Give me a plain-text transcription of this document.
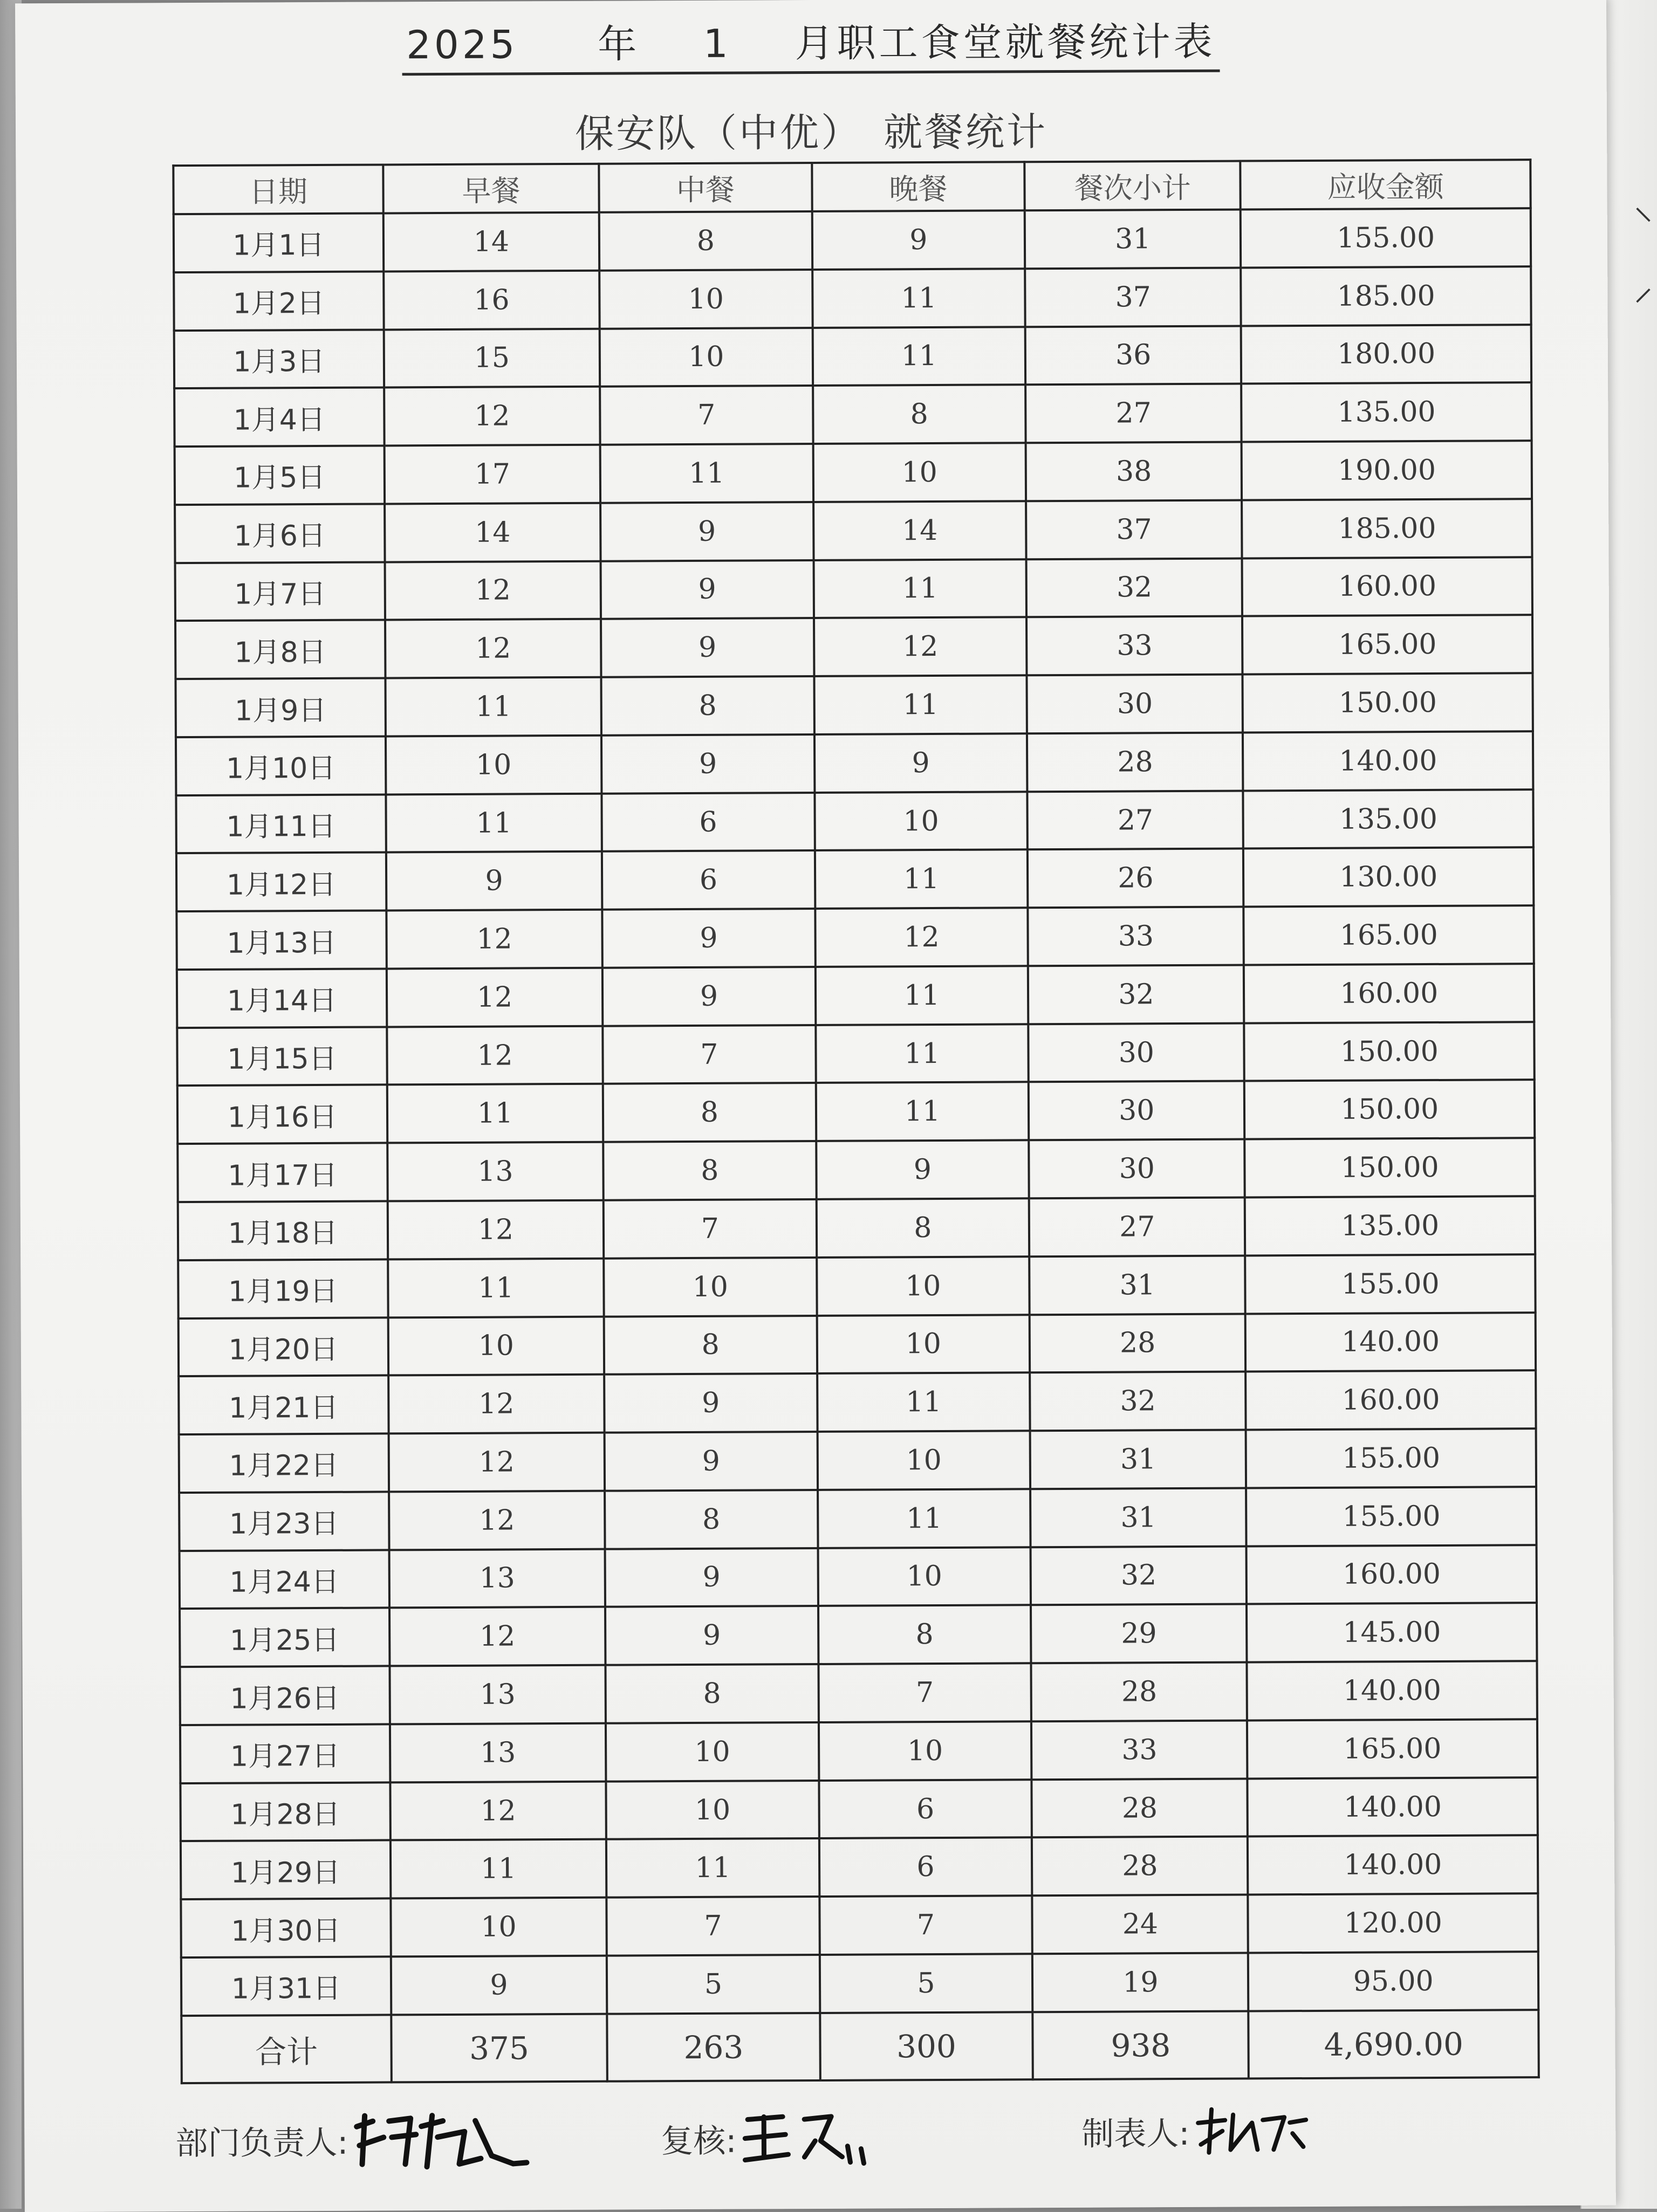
⸌
⸍
2025 年 1 月职工食堂就餐统计表
保安队（中优）　就餐统计
日期	早餐	中餐	晚餐	餐次小计	应收金额
1月1日	14	8	9	31	155.00
1月2日	16	10	11	37	185.00
1月3日	15	10	11	36	180.00
1月4日	12	7	8	27	135.00
1月5日	17	11	10	38	190.00
1月6日	14	9	14	37	185.00
1月7日	12	9	11	32	160.00
1月8日	12	9	12	33	165.00
1月9日	11	8	11	30	150.00
1月10日	10	9	9	28	140.00
1月11日	11	6	10	27	135.00
1月12日	9	6	11	26	130.00
1月13日	12	9	12	33	165.00
1月14日	12	9	11	32	160.00
1月15日	12	7	11	30	150.00
1月16日	11	8	11	30	150.00
1月17日	13	8	9	30	150.00
1月18日	12	7	8	27	135.00
1月19日	11	10	10	31	155.00
1月20日	10	8	10	28	140.00
1月21日	12	9	11	32	160.00
1月22日	12	9	10	31	155.00
1月23日	12	8	11	31	155.00
1月24日	13	9	10	32	160.00
1月25日	12	9	8	29	145.00
1月26日	13	8	7	28	140.00
1月27日	13	10	10	33	165.00
1月28日	12	10	6	28	140.00
1月29日	11	11	6	28	140.00
1月30日	10	7	7	24	120.00
1月31日	9	5	5	19	95.00
合计	375	263	300	938	4,690.00
部门负责人:	复核:	制表人:
